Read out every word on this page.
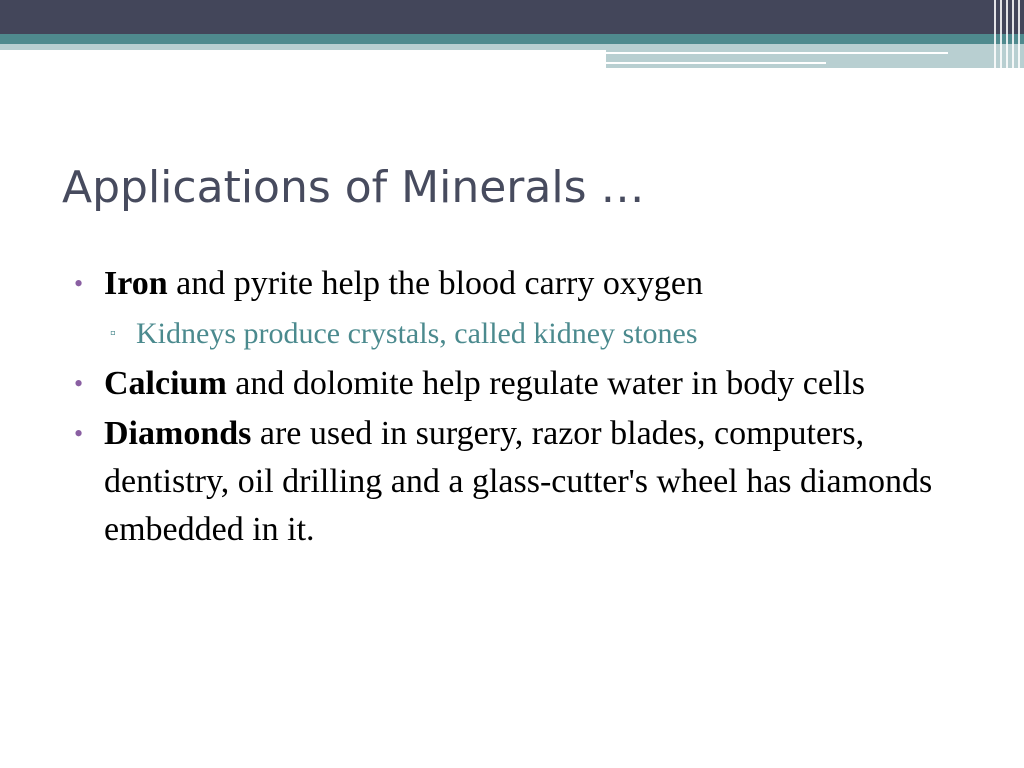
Applications of Minerals …
• Iron and pyrite help the blood carry oxygen
▫ Kidneys produce crystals, called kidney stones
• Calcium and dolomite help regulate water in body cells
• Diamonds are used in surgery, razor blades, computers, dentistry, oil drilling and a glass-cutter's wheel has diamonds embedded in it.
